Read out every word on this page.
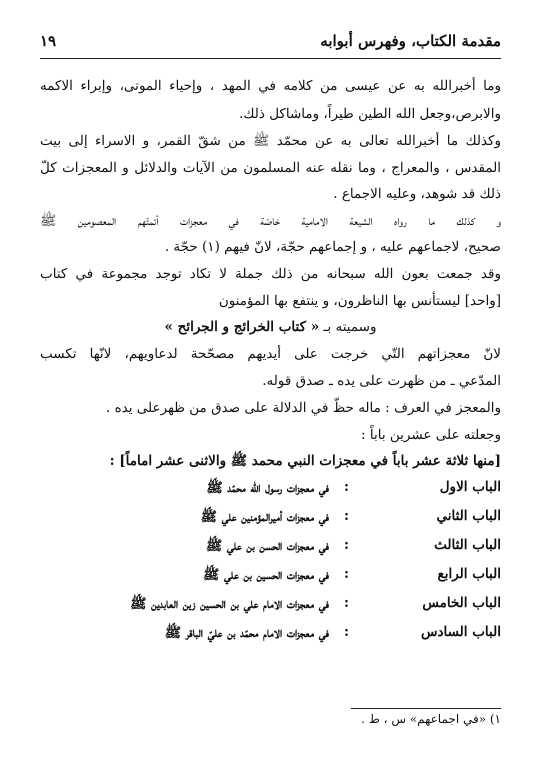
مقدمة الكتاب، وفهرس أبوابه
١٩
وما أخبرالله به عن عيسى من كلامه في المهد ، وإحياء الموتى، وإبراء الاكمه
والابرص،وجعل الله الطين طيراً، وماشاكل ذلك.
وكذلك ما أخبرالله تعالى به عن محمّد ﷺ من شقّ القمر، و الاسراء إلى بيت
المقدس ، والمعراج ، وما نقله عنه المسلمون من الآيات والدلائل و المعجزات كلّ
ذلك قد شوهد، وعليه الاجماع .
و كذلك ما رواه الشيعة الامامية خاصّة في معجزات أئمتّهم المعصومين ﷺ
صحيح، لاجماعهم عليه ، و إجماعهم حجّة، لانّ فيهم (١) حجّة .
وقد جمعت بعون الله سبحانه من ذلك جملة لا تكاد توجد مجموعة في كتاب
[واحد] ليستأنس بها الناظرون، و ينتفع بها المؤمنون
وسميته بـ « كتاب الخرائج و الجرائح »
لانّ معجزاتهم التّي خرجت على أيديهم مصحّحة لدعاويهم، لانّها تكسب
المدّعي ـ من ظهرت على يده ـ صدق قوله.
والمعجز في العرف : ماله حظّ في الدلالة على صدق من ظهرعلى يده .
وجعلته على عشرين باباً :
[منها ثلاثة عشر باباً في معجزات النبي محمد ﷺ والاثنى عشر اماماً] :
الباب الاول
:
في معجزات رسول الله محمّد ﷺ
الباب الثاني
:
في معجزات أميرالمؤمنين علي ﷺ
الباب الثالث
:
في معجزات الحسن بن علي ﷺ
الباب الرابع
:
في معجزات الحسين بن علي ﷺ
الباب الخامس
:
في معجزات الامام علي بن الحسين زين العابدين ﷺ
الباب السادس
:
في معجزات الامام محمّد بن عليّ الباقر ﷺ
١) «في اجماعهم» س ، ط .
